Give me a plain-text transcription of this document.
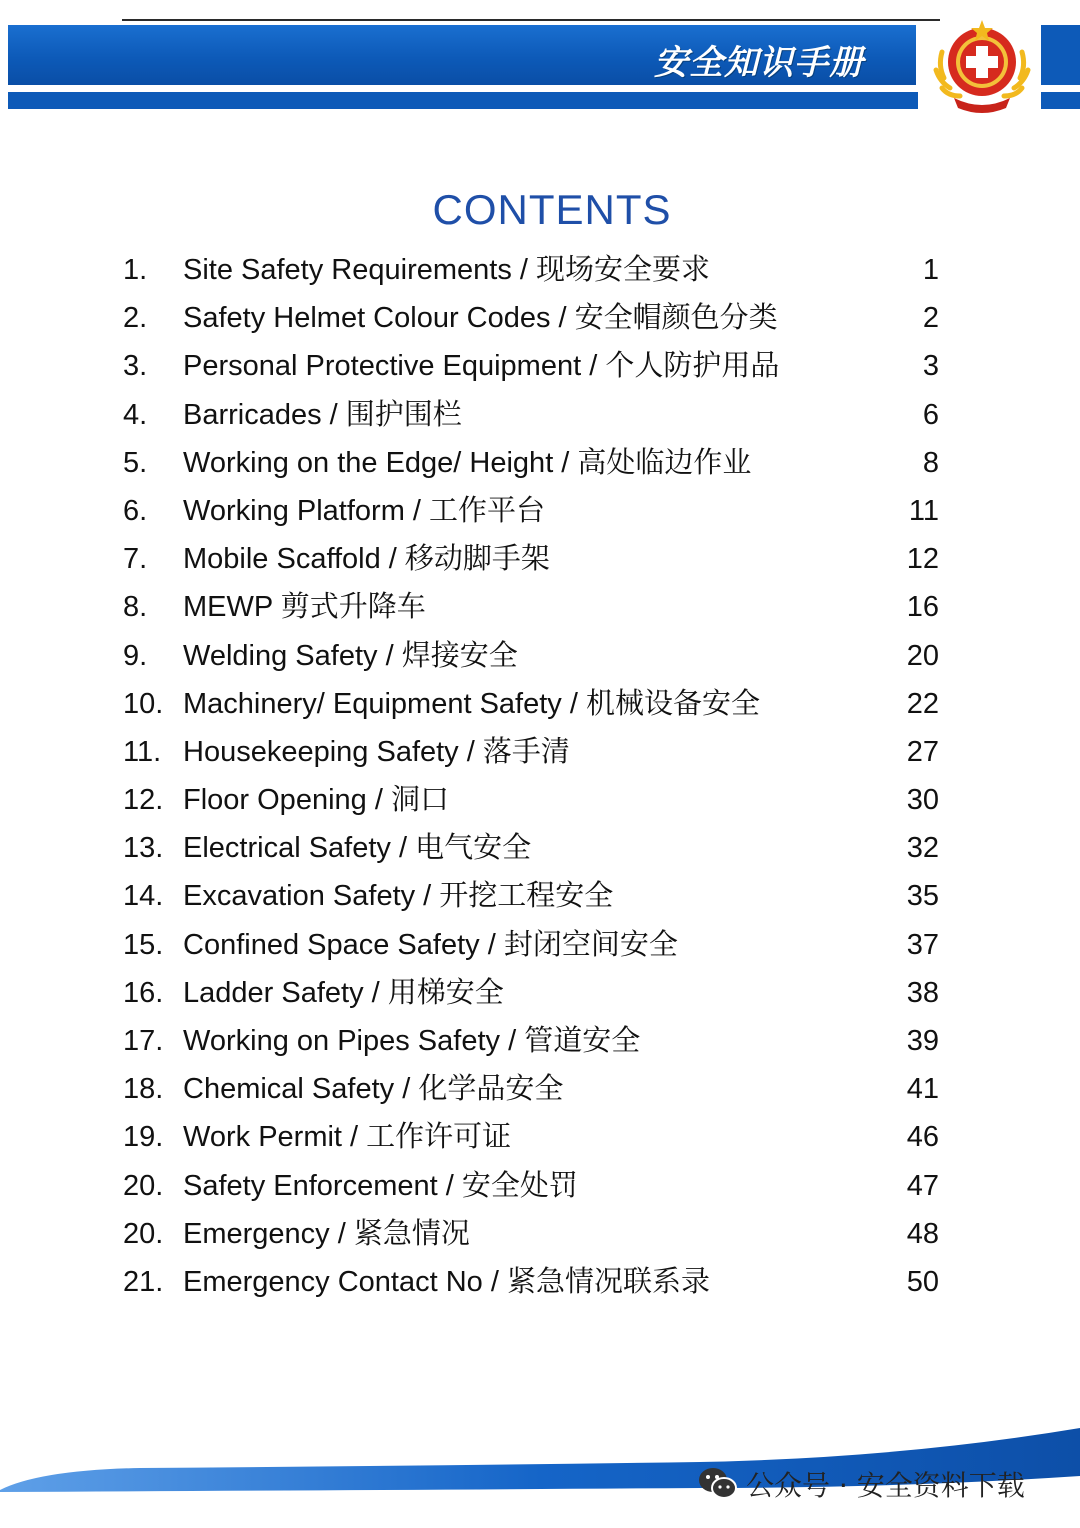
安全知识手册
CONTENTS
1. Site Safety Requirements / 现场安全要求	1
2. Safety Helmet Colour Codes / 安全帽颜色分类	2
3. Personal Protective Equipment / 个人防护用品	3
4. Barricades / 围护围栏	6
5. Working on the Edge/ Height / 高处临边作业	8
6. Working Platform / 工作平台	11
7. Mobile Scaffold / 移动脚手架	12
8. MEWP 剪式升降车	16
9. Welding Safety / 焊接安全	20
10. Machinery/ Equipment Safety / 机械设备安全	22
11. Housekeeping Safety / 落手清	27
12. Floor Opening / 洞口	30
13. Electrical Safety / 电气安全	32
14. Excavation Safety / 开挖工程安全	35
15. Confined Space Safety / 封闭空间安全	37
16. Ladder Safety / 用梯安全	38
17. Working on Pipes Safety / 管道安全	39
18. Chemical Safety / 化学品安全	41
19. Work Permit / 工作许可证	46
20. Safety Enforcement / 安全处罚	47
20. Emergency / 紧急情况	48
21. Emergency Contact No / 紧急情况联系录	50
公众号 · 安全资料下载
